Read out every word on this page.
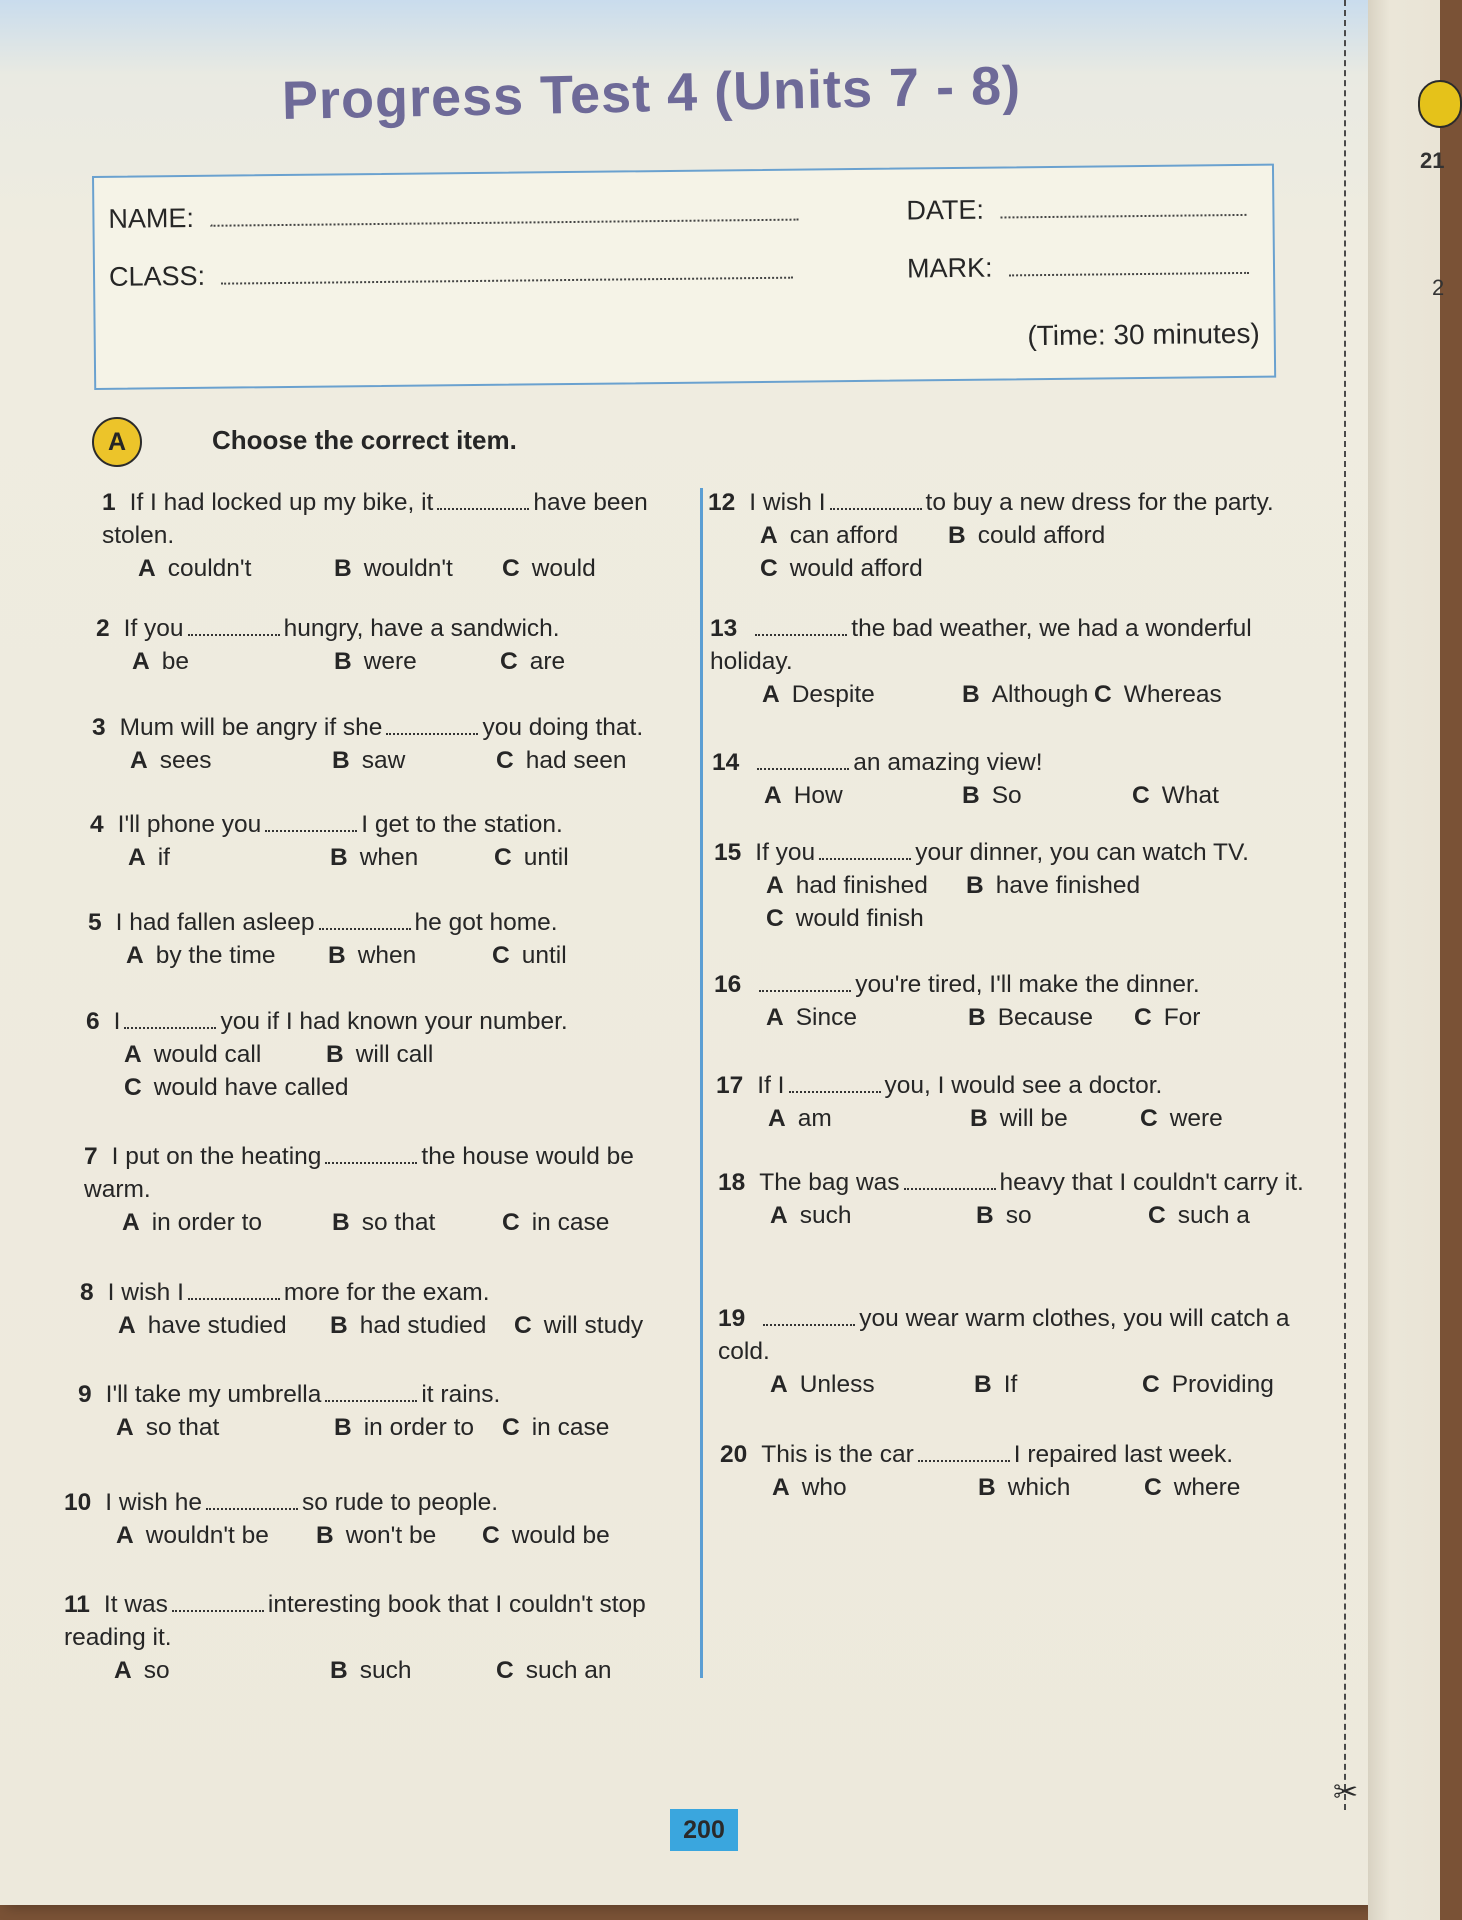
21
2
✂
Progress Test 4 (Units 7 - 8)
NAME:	DATE:
CLASS:	MARK:
(Time: 30 minutes)
A	Choose the correct item.
1 If I had locked up my bike, it	have been stolen.
A couldn't	B wouldn't C would
2 If you	hungry, have a sandwich.
A be	B were	C are
3 Mum will be angry if she	you doing that.
A sees	B saw	C had seen
4 I'll phone you	I get to the station.
A if	B when	C until
5 I had fallen asleep	he got home.
A by the time B when	C until
6 I	you if I had known your number.
A would call	B will call
C would have called
7 I put on the heating	the house would be warm.
A in order to	B so that	C in case
8 I wish I	more for the exam.
A have studied B had studied C will study
9 I'll take my umbrella	it rains.
A so that	B in order to C in case
10 I wish he	so rude to people.
A wouldn't be B won't be C would be
11 It was	interesting book that I couldn't stop reading it.
A so	B such	C such an
12 I wish I	to buy a new dress for the party.
A can afford B could afford
C would afford
13	the bad weather, we had a wonderful holiday.
A Despite	B Although C Whereas
14	an amazing view!
A How	B So	C What
15 If you	your dinner, you can watch TV.
A had finished B have finished
C would finish
16	you're tired, I'll make the dinner.
A Since	B Because C For
17 If I	you, I would see a doctor.
A am	B will be	C were
18 The bag was	heavy that I couldn't carry it.
A such	B so	C such a
19	you wear warm clothes, you will catch a cold.
A Unless	B If	C Providing
20 This is the car	I repaired last week.
A who	B which	C where
200
